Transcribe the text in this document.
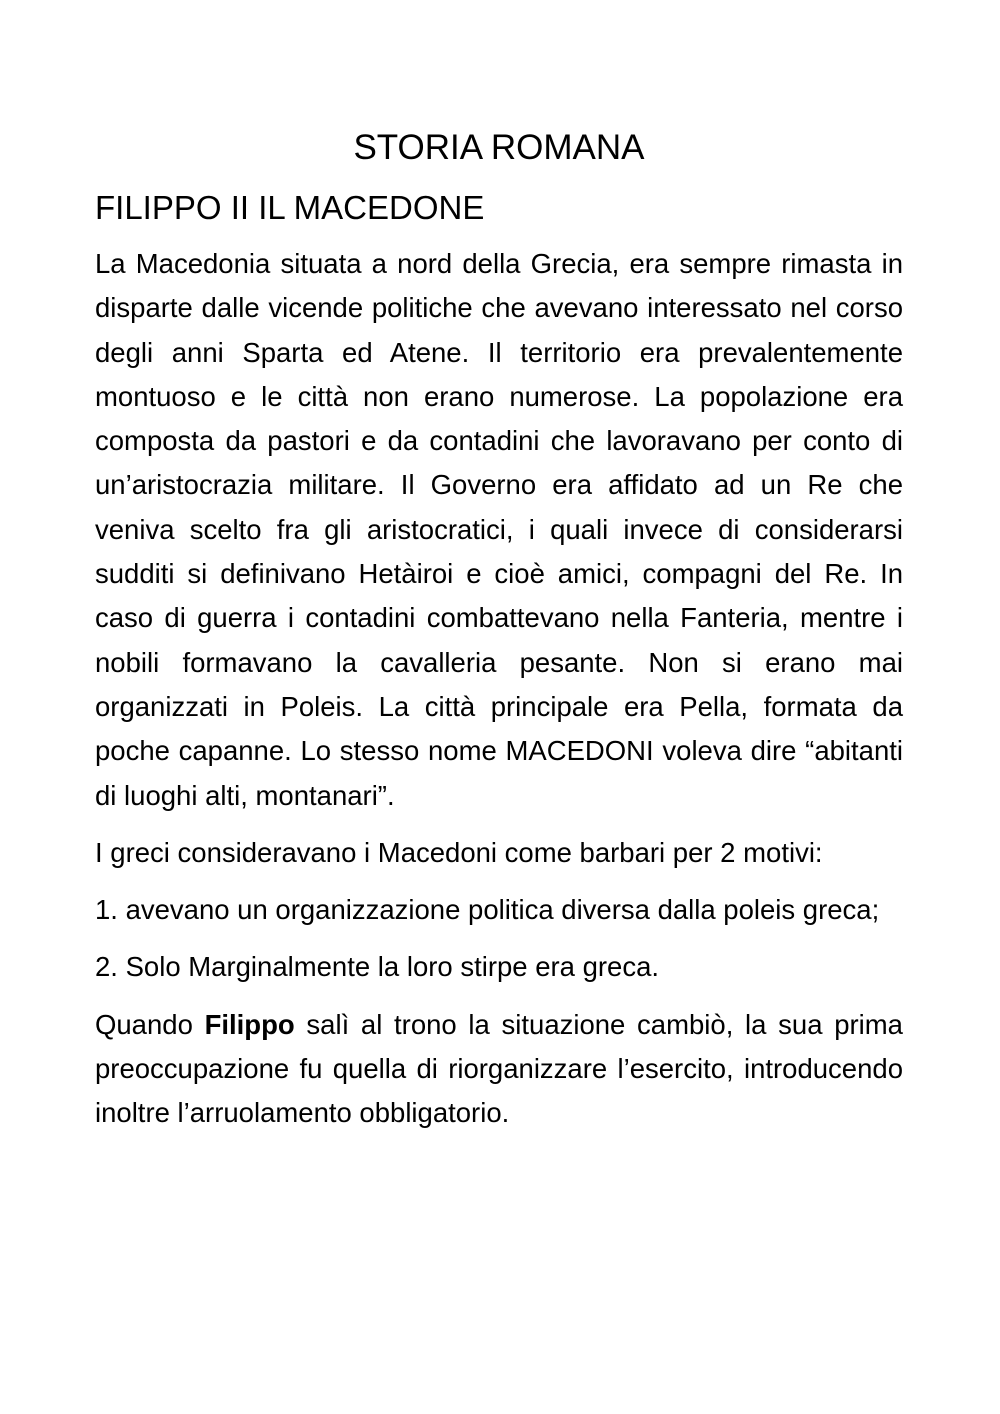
STORIA ROMANA
FILIPPO II IL MACEDONE

La Macedonia situata a nord della Grecia, era sempre rimasta in disparte dalle vicende politiche che avevano interessato nel corso degli anni Sparta ed Atene. Il territorio era prevalentemente montuoso e le città non erano numerose. La popolazione era composta da pastori e da contadini che lavoravano per conto di un’aristocrazia militare. Il Governo era affidato ad un Re che veniva scelto fra gli aristocratici, i quali invece di considerarsi sudditi si definivano Hetàiroi e cioè amici, compagni del Re. In caso di guerra i contadini combattevano nella Fanteria, mentre i nobili formavano la cavalleria pesante. Non si erano mai organizzati in Poleis. La città principale era Pella, formata da poche capanne. Lo stesso nome MACEDONI voleva dire “abitanti di luoghi alti, montanari”.

I greci consideravano i Macedoni come barbari per 2 motivi:

1. avevano un organizzazione politica diversa dalla poleis greca;

2. Solo Marginalmente la loro stirpe era greca.

Quando Filippo salì al trono la situazione cambiò, la sua prima preoccupazione fu quella di riorganizzare l’esercito, introducendo inoltre l’arruolamento obbligatorio.
